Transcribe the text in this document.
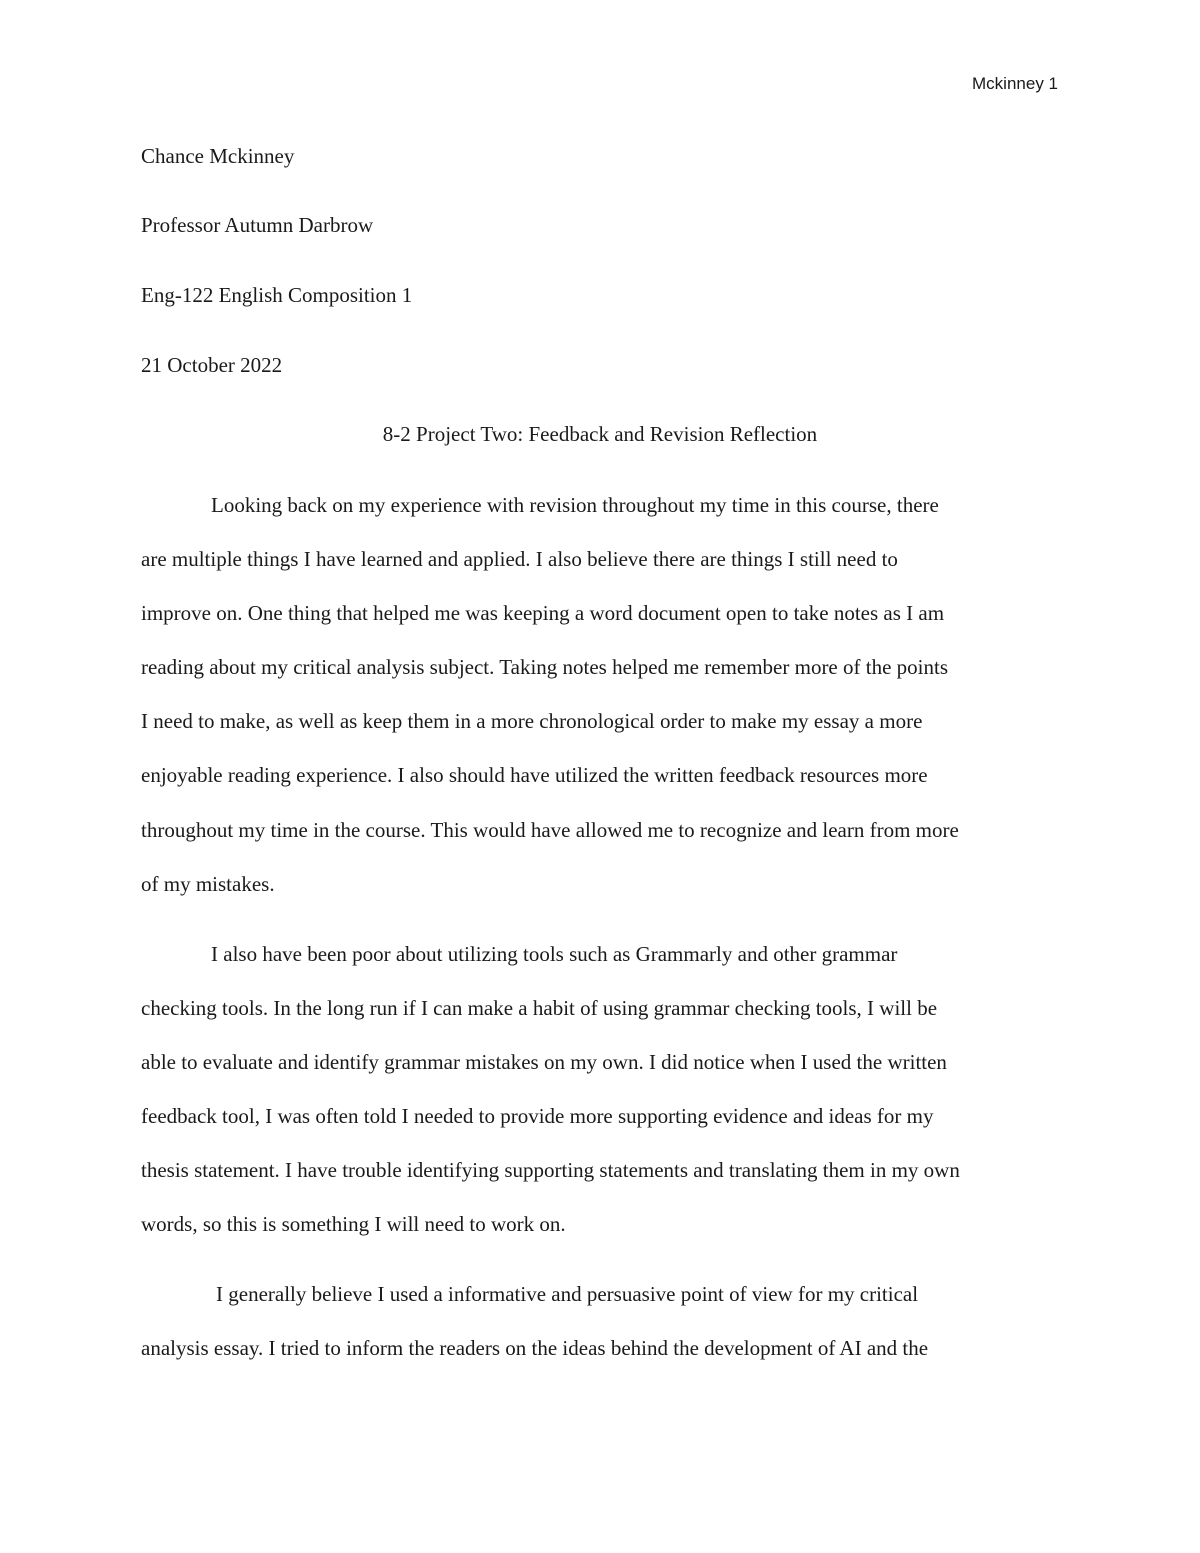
Mckinney 1
Chance Mckinney
Professor Autumn Darbrow
Eng-122 English Composition 1
21 October 2022
8-2 Project Two: Feedback and Revision Reflection
Looking back on my experience with revision throughout my time in this course, there
are multiple things I have learned and applied. I also believe there are things I still need to
improve on. One thing that helped me was keeping a word document open to take notes as I am
reading about my critical analysis subject. Taking notes helped me remember more of the points
I need to make, as well as keep them in a more chronological order to make my essay a more
enjoyable reading experience. I also should have utilized the written feedback resources more
throughout my time in the course. This would have allowed me to recognize and learn from more
of my mistakes.
I also have been poor about utilizing tools such as Grammarly and other grammar
checking tools. In the long run if I can make a habit of using grammar checking tools, I will be
able to evaluate and identify grammar mistakes on my own. I did notice when I used the written
feedback tool, I was often told I needed to provide more supporting evidence and ideas for my
thesis statement. I have trouble identifying supporting statements and translating them in my own
words, so this is something I will need to work on.
I generally believe I used a informative and persuasive point of view for my critical
analysis essay. I tried to inform the readers on the ideas behind the development of AI and the
